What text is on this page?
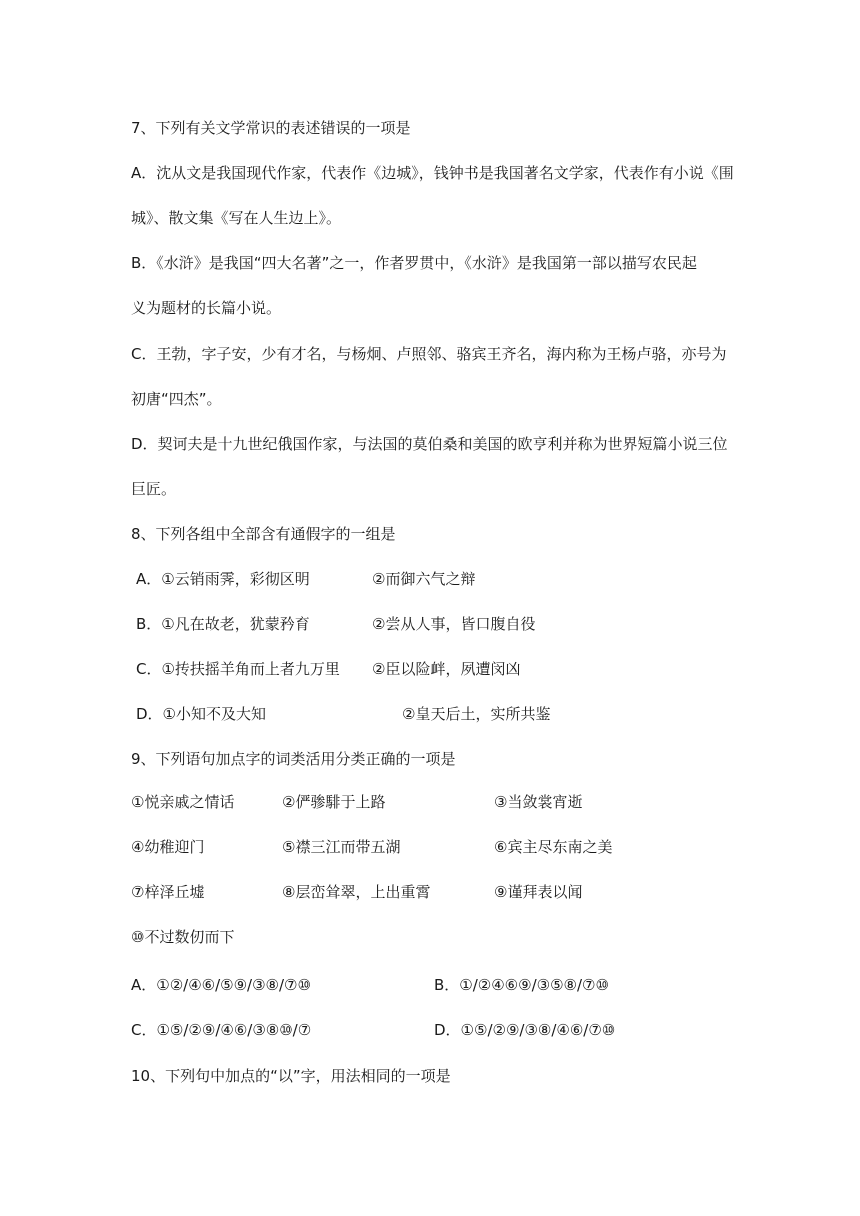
7、下列有关文学常识的表述错误的一项是
A．沈从文是我国现代作家，代表作《边城》，钱钟书是我国著名文学家，代表作有小说《围
城》、散文集《写在人生边上》。
B．《水浒》是我国“四大名著”之一，作者罗贯中，《水浒》是我国第一部以描写农民起
义为题材的长篇小说。
C．王勃，字子安，少有才名，与杨炯、卢照邻、骆宾王齐名，海内称为王杨卢骆，亦号为
初唐“四杰”。
D．契诃夫是十九世纪俄国作家，与法国的莫伯桑和美国的欧亨利并称为世界短篇小说三位
巨匠。
8、下列各组中全部含有通假字的一组是
A．①云销雨霁，彩彻区明	②而御六气之辩
B．①凡在故老，犹蒙矜育	②尝从人事，皆口腹自役
C．①抟扶摇羊角而上者九万里 ②臣以险衅，夙遭闵凶
D．①小知不及大知	②皇天后土，实所共鉴
9、下列语句加点字的词类活用分类正确的一项是
①悦亲戚之情话	②俨骖騑于上路	③当敛裳宵逝
④幼稚迎门	⑤襟三江而带五湖	⑥宾主尽东南之美
⑦梓泽丘墟	⑧层峦耸翠，上出重霄	⑨谨拜表以闻
⑩不过数仞而下
A．①②/④⑥/⑤⑨/③⑧/⑦⑩	B．①/②④⑥⑨/③⑤⑧/⑦⑩
C．①⑤/②⑨/④⑥/③⑧⑩/⑦	D．①⑤/②⑨/③⑧/④⑥/⑦⑩
10、下列句中加点的“以”字，用法相同的一项是
